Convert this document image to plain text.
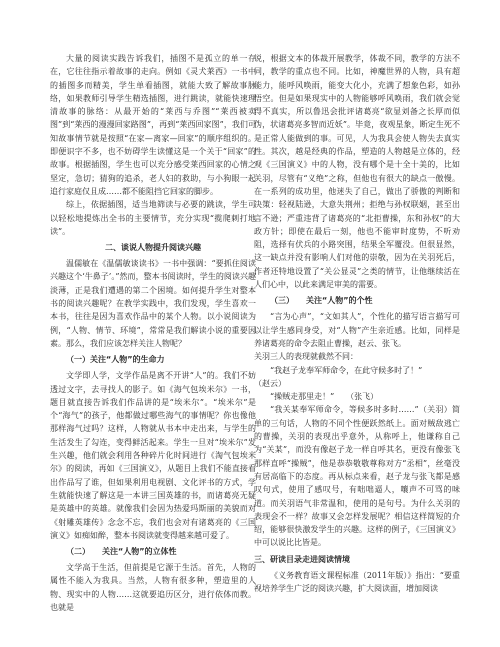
大量的阅读实践告诉我们，插图不是孤立的单一存在，它往往指示着故事的走向。例如《灵犬莱西》一书中的插图多而精美，学生单看插图，就能大致了解故事脉络，如果教师引导学生精选插图，进行跳读，就能快速理清故事的脉络：从最开始的“莱西与乔图”“莱西被卖图”到“莱西的漫漫回家路图”，再到“莱西回家图”，我们可知故事情节就是按照“在家—离家—回家”的顺序组织的。即便识字不多，也不妨碍学生读懂这是一个关于“回家”的故事。根据插图，学生也可以充分感受莱西回家的心情之坚定，急切；猜狗的追杀，老人妇的救助，与小狗眼一起追行家庭仅且成……都不能阻挡它回家的脚步。

综上，依据插图，适当地筛读与必要的跳读，学生可以轻松地提炼出全书的主要情节，充分实现“揽爬刺打地读”。

二、谈说人物提升阅读兴趣

温儒敏在《温儒敏谈读书》一书中强调：“要抓住阅读兴趣这个‘牛鼻子’。”然而，整本书阅读时，学生的阅读兴趣淡薄，正是我们遭遇的第二个困境。如何提升学生对整本书的阅读兴趣呢？在教学实践中，我们发现，学生喜欢一本书，往往是因为喜欢作品中的某个人物。以小说阅读为例，“人物、情节、环境”，常常是我们解读小说的重要因素。那么，我们应该怎样关注人物呢？

（一）关注“人物”的生命力

文学即人学，文学作品是离不开讲“人”的。我们不妨透过文字，去寻找人的影子。如《海气包埃米尔》一书，题目就直接告诉我们作品讲的是“埃米尔”。“埃米尔”是个“海气”的孩子，他都做过哪些海气的事情呢？你也像他那样海气过吗？这样，人物就从书本中走出来，与学生的生活发生了勾连，变得鲜活起来。学生一旦对“埃米尔”发生兴趣，他们就会利用各种碎片化时间进行《淘气包埃米尔》的阅读，再如《三国演义》，从题目上我们不能直接看出作品写了谁，但如果利用电视剧、文化评书的方式，学生就能快速了解这是一本讲三国英雄的书，而诸葛亮无疑是英雄中的英雄。就像我们会因为热爱玛斯丽的美貌而对《射雕英雄传》念念不忘，我们也会对有诸葛亮的《三国演义》如痴如醉，整本书阅读就变得越来越可爱了。

（二）　　关注“人物”的立体性

文学高于生活，但前提是它源于生活。首先，人物的属性不能入为我具。当然，人物有很多种，塑造里的人物、现实中的人物……这就要追历区分，进行依体而教。也就是

说，根据文本的体裁开展教学，体裁不同，教学的方法不同，教学的重点也不同。比如，神魔世界的人物，具有超能力，能呼风唤雨，能变大化小，充满了想象色彩，如孙悟空。但是如果现实中的人物能够呼风唤雨，我们就会觉得不真实，所以鲁迅会批评诸葛亮“欲显刘备之长厚而似伪，状诸葛亮多智而近妖”。毕竟，夜观星象，断定生死不是正常人能做到的事。可见，人为我具会使人物失去真实性。其次，越是经典的作品，塑造的人物越是立体的，经观《三国演义》中的人物，没有哪个是十全十美的，比如关羽，尽管有“义绝”之称，但他也有很大的缺点一傲慢。在一系列的成功里，他迷失了自己，做出了骄傲的判断和决策：轻视陆逊，大意失荆州；拒绝与孙权联姻，甚至出言不逊；严重违背了诸葛亮的“北拒曹操，东和孙权”的大政方针；即使在最后一刻，他也不能审时度势，不听劝阻，选择有伏兵的小路突围，结果全军覆没。但很显然，这一缺点并没有影响人们对他的崇敬，因为在关羽死后，作者还特地设置了“关公显灵”之类的情节，让他继续活在人们心中，以此来满足审美的需要。

（三）　　关注“人物”的个性

“言为心声”，“文如其人”，个性化的描写语言描写可以让学生感同身受，对“人物”产生亲近感。比如，同样是养诸葛亮的命令去阻止曹操，赵云、张飞。

关羽三人的表现就截然不同：

“我赵子龙奉军师命令，在此守候多时了！”

（赵云）

“操贼走那里走！”　　（张飞）

“我关某奉军师命令，等候多时多时……”（关羽）简单的三句话，人物的不同个性便跃然纸上。面对贼敌逃亡的曹操，关羽的表现出乎意外，从称呼上，他谦称自己为“关某”，而没有像赵子龙一样自呼其名，更没有像张飞那样直呼“操贼”，他是恭恭敬敬尊称对方“丞相”，丝毫没有居高临下的态度。再从标点来看，赵子龙与张飞都是感叹句式，使用了感叹号，有咄咄逼人，嚷声不可骂的味道。而关羽语气非常温和，使用的是句号。为什么关羽的表现会不一样？故事又会怎样发展呢？相信这样简短的介绍，能够很快激发学生的兴趣。这样的例子，《三国演义》中可以说比比皆是。

三、研读目录走进阅读情境

《义务教育语文课程标准（2011年版）》指出：“要重视培养学生广泛的阅读兴趣，扩大阅读面，增加阅读
